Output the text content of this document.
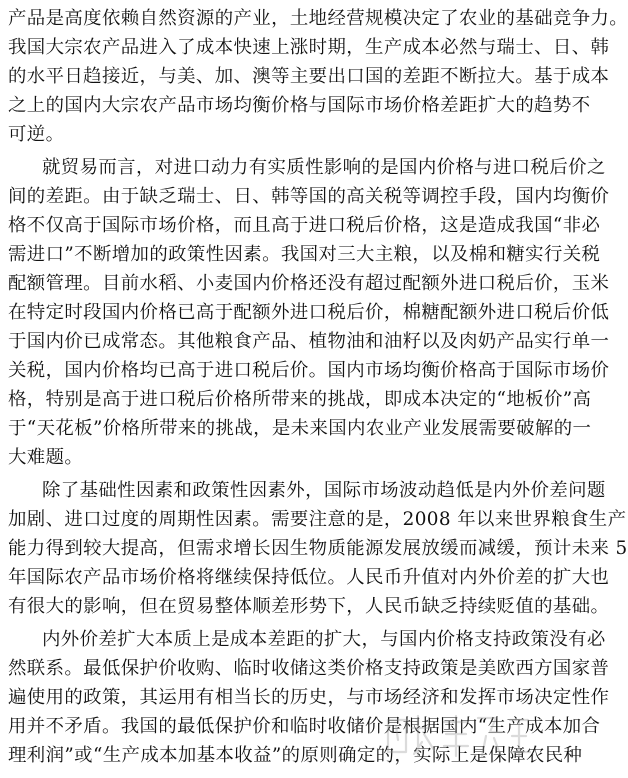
产品是高度依赖自然资源的产业，土地经营规模决定了农业的基础竞争力。
我国大宗农产品进入了成本快速上涨时期，生产成本必然与瑞士、日、韩
的水平日趋接近，与美、加、澳等主要出口国的差距不断拉大。基于成本
之上的国内大宗农产品市场均衡价格与国际市场价格差距扩大的趋势不
可逆。
就贸易而言，对进口动力有实质性影响的是国内价格与进口税后价之
间的差距。由于缺乏瑞士、日、韩等国的高关税等调控手段，国内均衡价
格不仅高于国际市场价格，而且高于进口税后价格，这是造成我国“非必
需进口”不断增加的政策性因素。我国对三大主粮，以及棉和糖实行关税
配额管理。目前水稻、小麦国内价格还没有超过配额外进口税后价，玉米
在特定时段国内价格已高于配额外进口税后价，棉糖配额外进口税后价低
于国内价已成常态。其他粮食产品、植物油和油籽以及肉奶产品实行单一
关税，国内价格均已高于进口税后价。国内市场均衡价格高于国际市场价
格，特别是高于进口税后价格所带来的挑战，即成本决定的“地板价”高
于“天花板”价格所带来的挑战，是未来国内农业产业发展需要破解的一
大难题。
除了基础性因素和政策性因素外，国际市场波动趋低是内外价差问题
加剧、进口过度的周期性因素。需要注意的是，2008 年以来世界粮食生产
能力得到较大提高，但需求增长因生物质能源发展放缓而减缓，预计未来 5
年国际农产品市场价格将继续保持低位。人民币升值对内外价差的扩大也
有很大的影响，但在贸易整体顺差形势下，人民币缺乏持续贬值的基础。
内外价差扩大本质上是成本差距的扩大，与国内价格支持政策没有必
然联系。最低保护价收购、临时收储这类价格支持政策是美欧西方国家普
遍使用的政策，其运用有相当长的历史，与市场经济和发挥市场决定性作
用并不矛盾。我国的最低保护价和临时收储价是根据国内“生产成本加合
理利润”或“生产成本加基本收益”的原则确定的，实际上是保障农民种
